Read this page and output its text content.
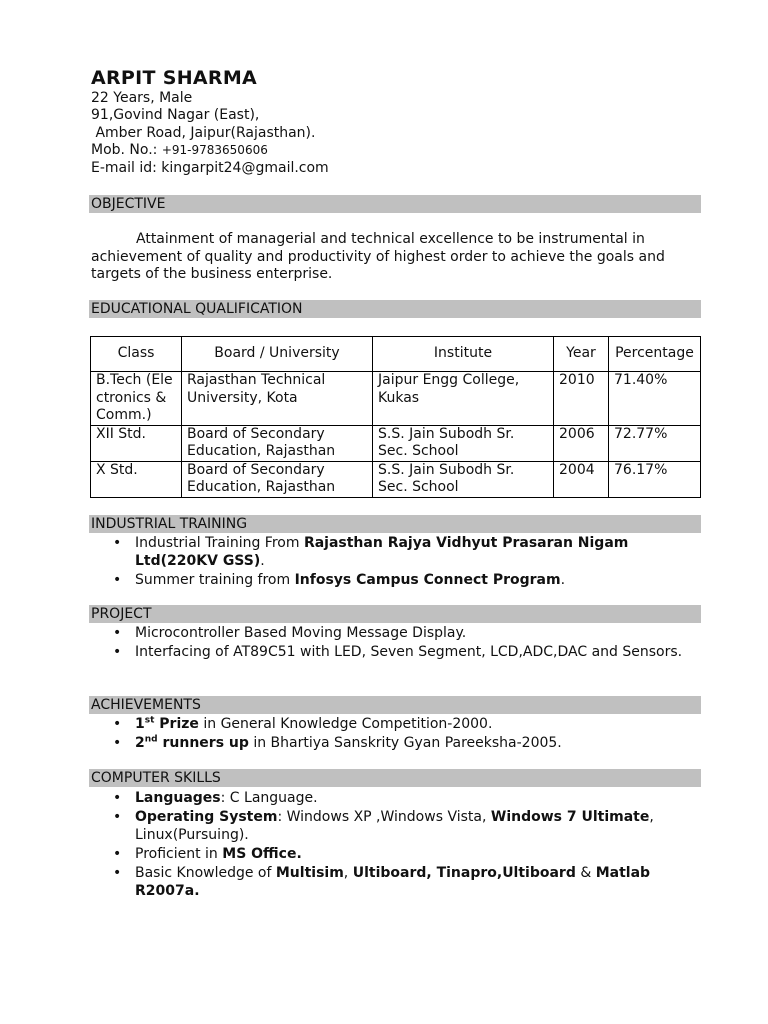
ARPIT SHARMA
22 Years, Male
91,Govind Nagar (East),
Amber Road, Jaipur(Rajasthan).
Mob. No.: +91-9783650606
E-mail id: kingarpit24@gmail.com
OBJECTIVE
Attainment of managerial and technical excellence to be instrumental in achievement of quality and productivity of highest order to achieve the goals and targets of the business enterprise.
EDUCATIONAL QUALIFICATION
Class	Board / University	Institute	Year	Percentage
B.Tech (Electronics & Comm.)	Rajasthan Technical University, Kota	Jaipur Engg College, Kukas	2010	71.40%
XII Std.	Board of Secondary Education, Rajasthan	S.S. Jain Subodh Sr. Sec. School	2006	72.77%
X Std.	Board of Secondary Education, Rajasthan	S.S. Jain Subodh Sr. Sec. School	2004	76.17%
INDUSTRIAL TRAINING
• Industrial Training From Rajasthan Rajya Vidhyut Prasaran Nigam Ltd(220KV GSS).
• Summer training from Infosys Campus Connect Program.
PROJECT
• Microcontroller Based Moving Message Display.
• Interfacing of AT89C51 with LED, Seven Segment, LCD,ADC,DAC and Sensors.
ACHIEVEMENTS
• 1st Prize in General Knowledge Competition-2000.
• 2nd runners up in Bhartiya Sanskrity Gyan Pareeksha-2005.
COMPUTER SKILLS
• Languages: C Language.
• Operating System: Windows XP ,Windows Vista, Windows 7 Ultimate, Linux(Pursuing).
• Proficient in MS Office.
• Basic Knowledge of Multisim, Ultiboard, Tinapro,Ultiboard & Matlab R2007a.
